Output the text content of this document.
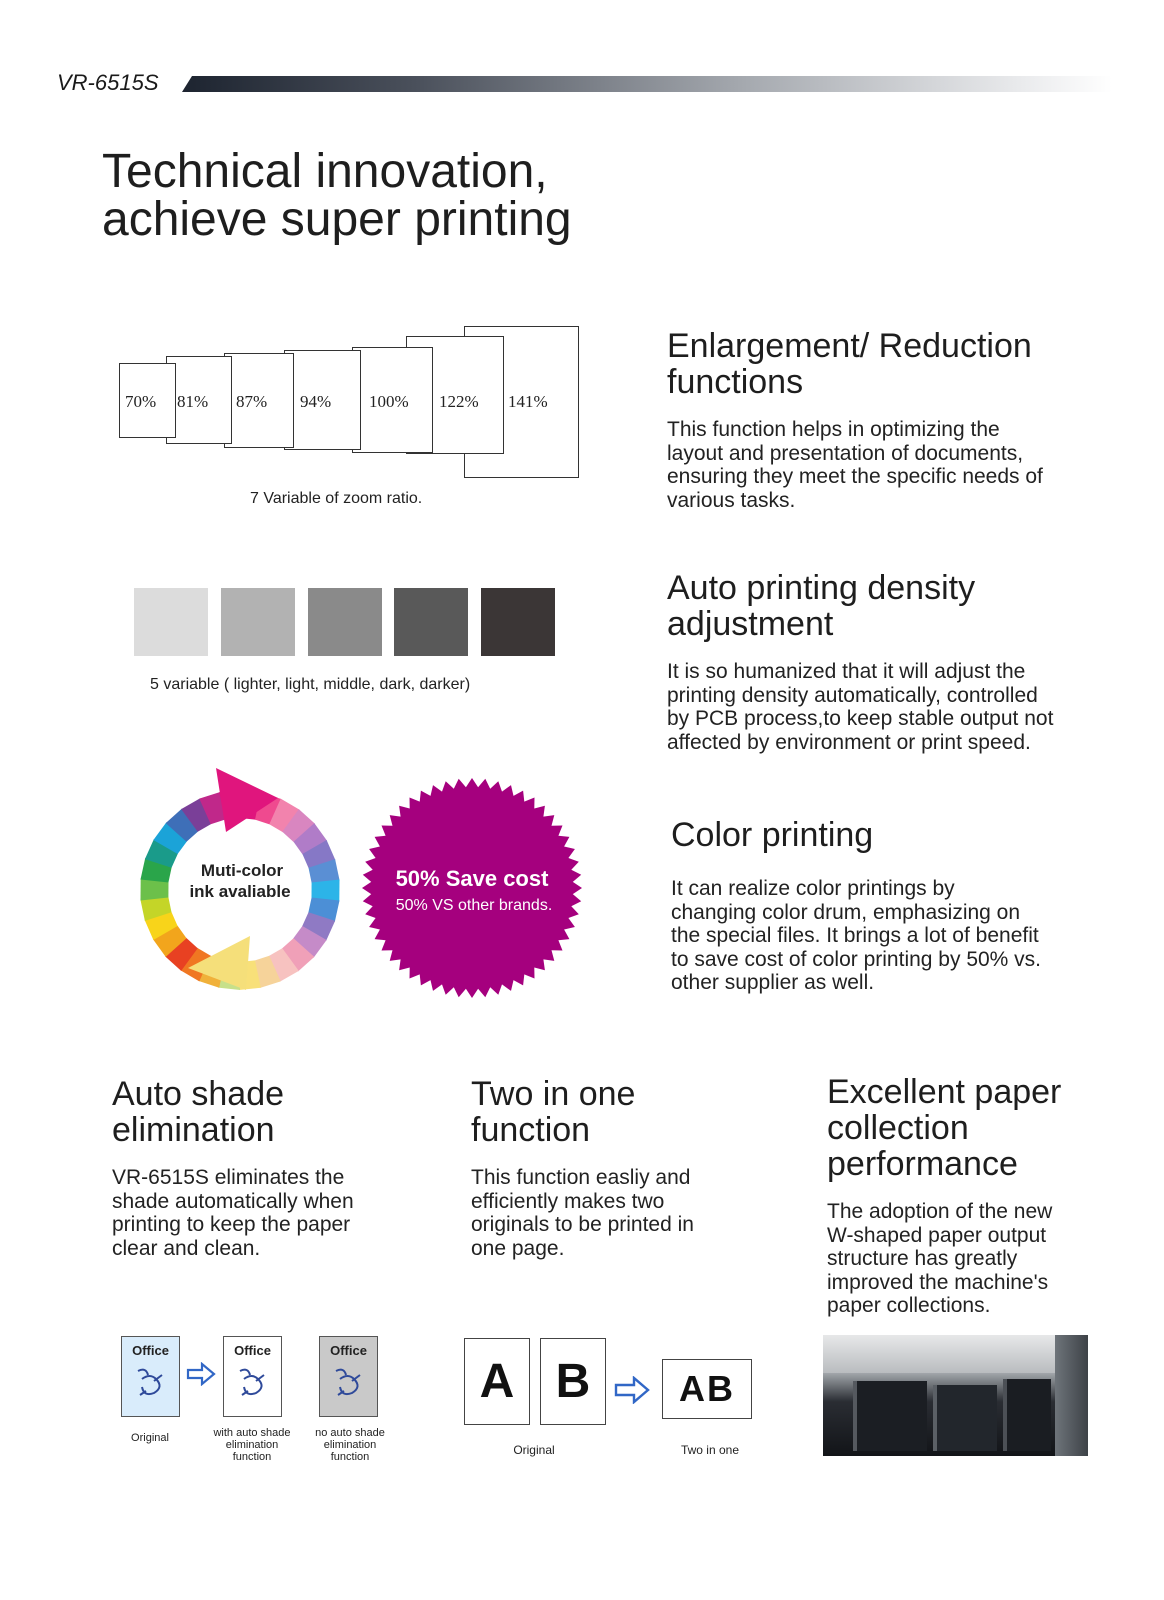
VR-6515S
Technical innovation,
achieve super printing
70% 81% 87% 94% 100% 122% 141%
7 Variable of zoom ratio.
Enlargement/ Reduction
functions
This function helps in optimizing the
layout and presentation of documents,
ensuring they meet the specific needs of
various tasks.
5 variable ( lighter, light, middle, dark, darker)
Auto printing density
adjustment
It is so humanized that it will adjust the
printing density automatically, controlled
by PCB process,to keep stable output not
affected by environment or print speed.
Muti-color
ink avaliable
50% Save cost
50% VS other brands.
Color printing
It can realize color printings by
changing color drum, emphasizing on
the special files. It brings a lot of benefit
to save cost of color printing by 50% vs.
other supplier as well.
Auto shade
elimination
VR-6515S eliminates the
shade automatically when
printing to keep the paper
clear and clean.
Two in one
function
This function easliy and
efficiently makes two
originals to be printed in
one page.
Excellent paper
collection
performance
The adoption of the new
W-shaped paper output
structure has greatly
improved the machine's
paper collections.
Office	Office	Office
Original	with auto shade
elimination
function
no auto shade
elimination
function
A B	AB
Original	Two in one
